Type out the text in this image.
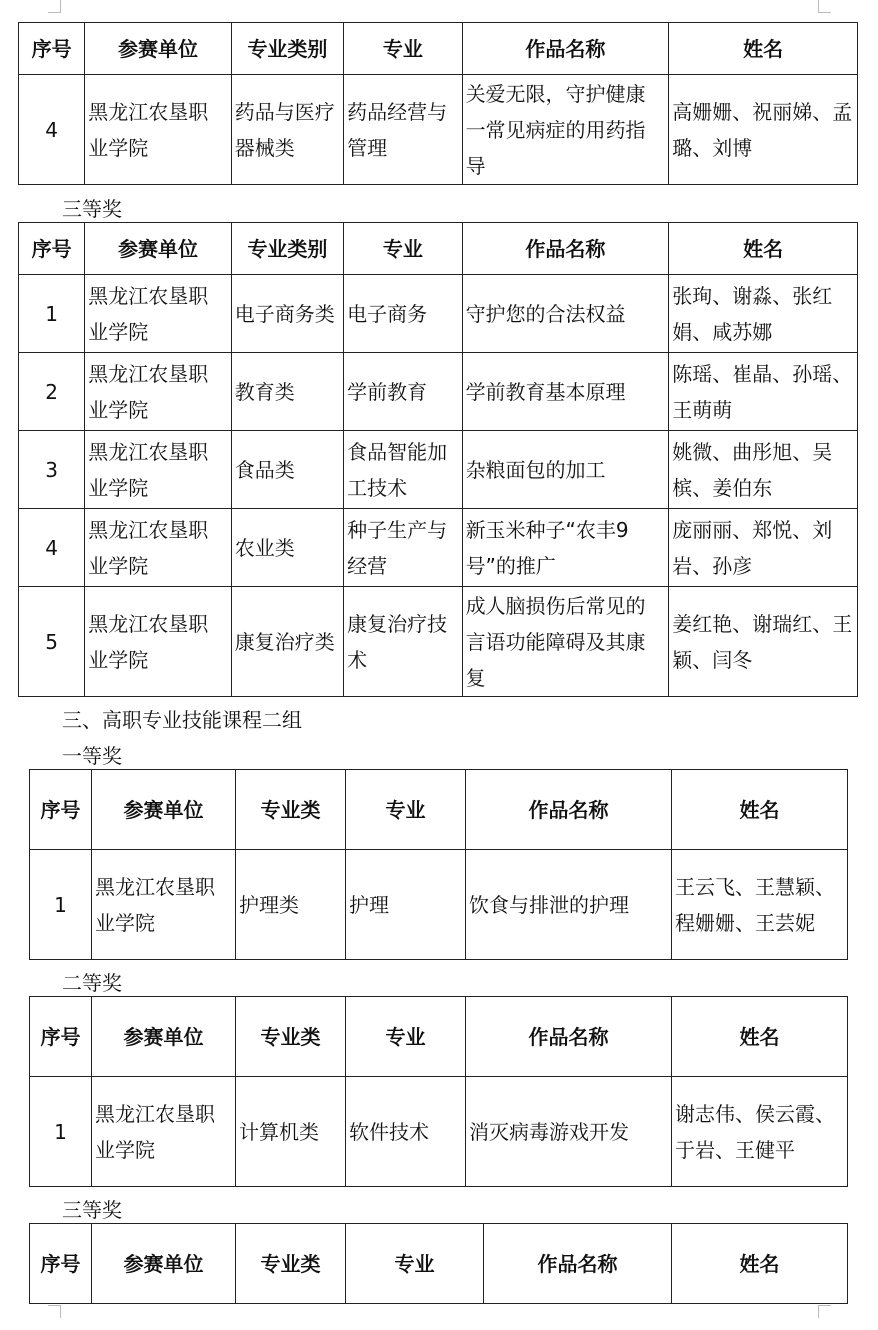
序号	参赛单位	专业类别	专业	作品名称	姓名
4	黑龙江农垦职业学院	药品与医疗器械类	药品经营与管理	关爱无限，守护健康一常见病症的用药指导	高姗姗、祝丽娣、孟璐、刘博
三等奖
序号	参赛单位	专业类别	专业	作品名称	姓名
1	黑龙江农垦职业学院	电子商务类	电子商务	守护您的合法权益	张珣、谢淼、张红娟、咸苏娜
2	黑龙江农垦职业学院	教育类	学前教育	学前教育基本原理	陈瑶、崔晶、孙瑶、王萌萌
3	黑龙江农垦职业学院	食品类	食品智能加工技术	杂粮面包的加工	姚微、曲彤旭、吴槟、姜伯东
4	黑龙江农垦职业学院	农业类	种子生产与经营	新玉米种子“农丰9号”的推广	庞丽丽、郑悦、刘岩、孙彦
5	黑龙江农垦职业学院	康复治疗类	康复治疗技术	成人脑损伤后常见的言语功能障碍及其康复	姜红艳、谢瑞红、王颖、闫冬
三、高职专业技能课程二组
一等奖
序号	参赛单位	专业类	专业	作品名称	姓名
1	黑龙江农垦职业学院	护理类	护理	饮食与排泄的护理	王云飞、王慧颖、程姗姗、王芸妮
二等奖
序号	参赛单位	专业类	专业	作品名称	姓名
1	黑龙江农垦职业学院	计算机类	软件技术	消灭病毒游戏开发	谢志伟、侯云霞、于岩、王健平
三等奖
序号	参赛单位	专业类	专业	作品名称	姓名
